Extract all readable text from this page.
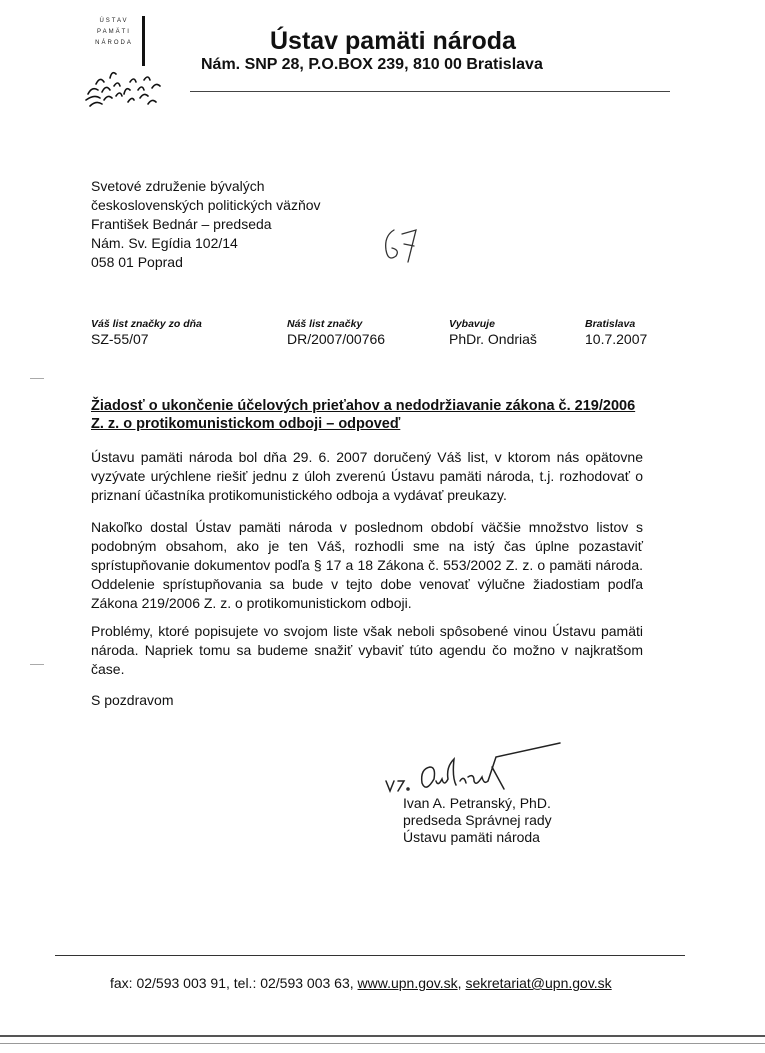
ÚSTAV
PAMÄTI
NÁRODA	Ústav pamäti národa
Nám. SNP 28, P.O.BOX 239, 810 00 Bratislava
Svetové združenie bývalých
československých politických väzňov
František Bednár – predseda
Nám. Sv. Egídia 102/14
058 01 Poprad
Váš list značky zo dňa
SZ-55/07
Náš list značky
DR/2007/00766
Vybavuje
PhDr. Ondriaš
Bratislava
10.7.2007
Žiadosť o ukončenie účelových prieťahov a nedodržiavanie zákona č. 219/2006
Z. z. o protikomunistickom odboji – odpoveď
Ústavu pamäti národa bol dňa 29. 6. 2007 doručený Váš list, v ktorom nás opätovne vyzývate urýchlene riešiť jednu z úloh zverenú Ústavu pamäti národa, t.j. rozhodovať o priznaní účastníka protikomunistického odboja a vydávať preukazy.
Nakoľko dostal Ústav pamäti národa v poslednom období väčšie množstvo listov s podobným obsahom, ako je ten Váš, rozhodli sme na istý čas úplne pozastaviť sprístupňovanie dokumentov podľa § 17 a 18 Zákona č. 553/2002 Z. z. o pamäti národa. Oddelenie sprístupňovania sa bude v tejto dobe venovať výlučne žiadostiam podľa Zákona 219/2006 Z. z. o protikomunistickom odboji.
Problémy, ktoré popisujete vo svojom liste však neboli spôsobené vinou Ústavu pamäti národa. Napriek tomu sa budeme snažiť vybaviť túto agendu čo možno v najkratšom čase.
S pozdravom
Ivan A. Petranský, PhD.
predseda Správnej rady
Ústavu pamäti národa
fax: 02/593 003 91, tel.: 02/593 003 63, www.upn.gov.sk, sekretariat@upn.gov.sk
